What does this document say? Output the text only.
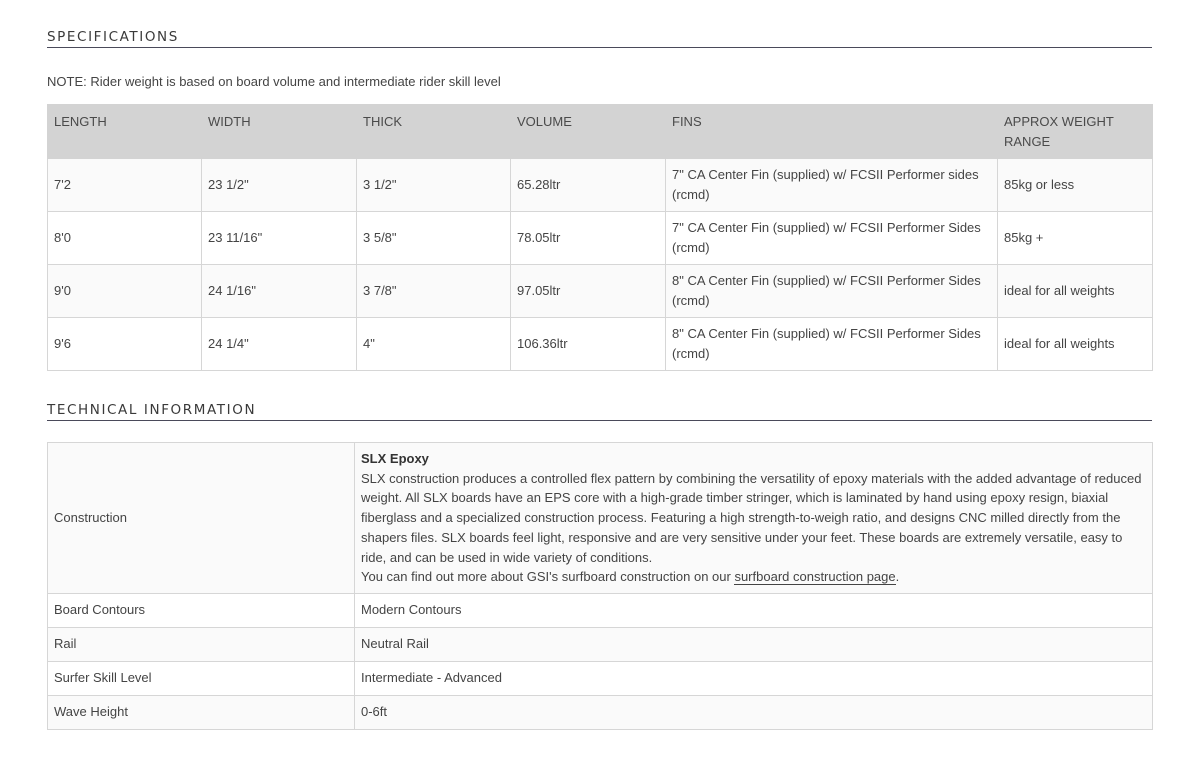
SPECIFICATIONS
NOTE: Rider weight is based on board volume and intermediate rider skill level
LENGTH	WIDTH	THICK	VOLUME	FINS	APPROX WEIGHT RANGE
7'2	23 1/2"	3 1/2"	65.28ltr	7" CA Center Fin (supplied) w/ FCSII Performer sides (rcmd)	85kg or less
8'0	23 11/16"	3 5/8"	78.05ltr	7" CA Center Fin (supplied) w/ FCSII Performer Sides (rcmd)	85kg +
9'0	24 1/16"	3 7/8"	97.05ltr	8" CA Center Fin (supplied) w/ FCSII Performer Sides (rcmd)	ideal for all weights
9'6	24 1/4"	4"	106.36ltr	8" CA Center Fin (supplied) w/ FCSII Performer Sides (rcmd)	ideal for all weights
TECHNICAL INFORMATION
Construction	SLX Epoxy
SLX construction produces a controlled flex pattern by combining the versatility of epoxy materials with the added advantage of reduced weight. All SLX boards have an EPS core with a high-grade timber stringer, which is laminated by hand using epoxy resign, biaxial fiberglass and a specialized construction process. Featuring a high strength-to-weigh ratio, and designs CNC milled directly from the shapers files. SLX boards feel light, responsive and are very sensitive under your feet. These boards are extremely versatile, easy to ride, and can be used in wide variety of conditions.
You can find out more about GSI's surfboard construction on our surfboard construction page.

Board Contours	Modern Contours
Rail	Neutral Rail
Surfer Skill Level	Intermediate - Advanced
Wave Height	0-6ft
